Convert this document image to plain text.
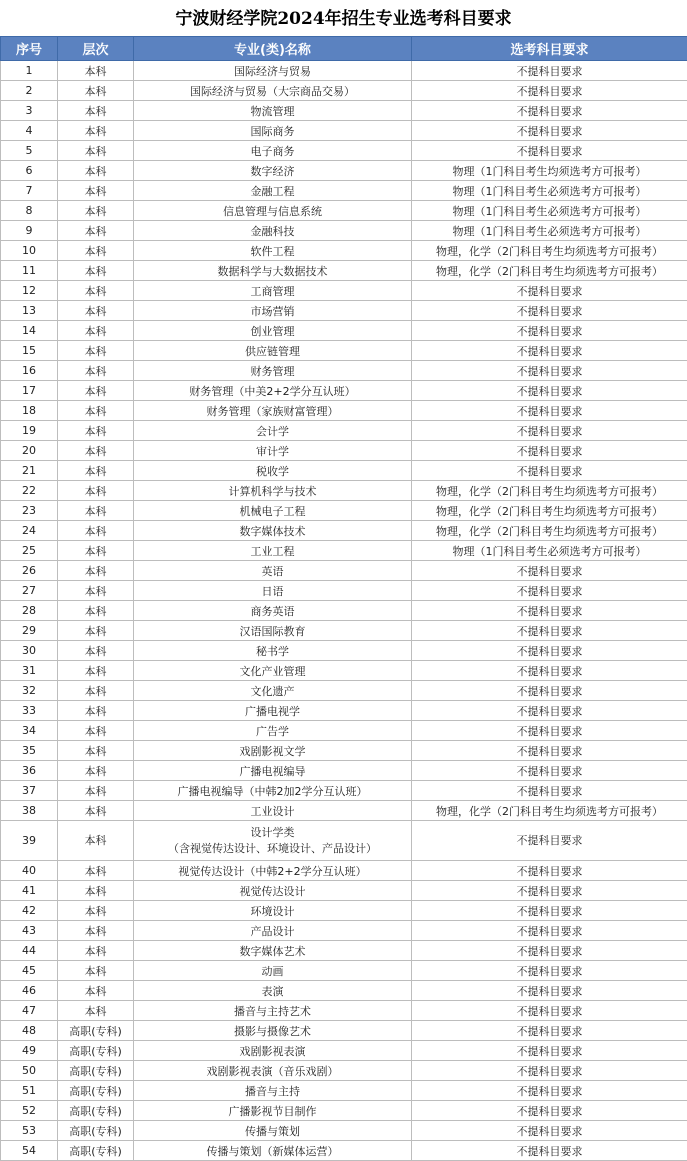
宁波财经学院2024年招生专业选考科目要求
序号	层次	专业(类)名称	选考科目要求
1	本科	国际经济与贸易	不提科目要求
2	本科	国际经济与贸易（大宗商品交易）	不提科目要求
3	本科	物流管理	不提科目要求
4	本科	国际商务	不提科目要求
5	本科	电子商务	不提科目要求
6	本科	数字经济	物理（1门科目考生均须选考方可报考）
7	本科	金融工程	物理（1门科目考生必须选考方可报考）
8	本科	信息管理与信息系统	物理（1门科目考生必须选考方可报考）
9	本科	金融科技	物理（1门科目考生必须选考方可报考）
10	本科	软件工程	物理，化学（2门科目考生均须选考方可报考）
11	本科	数据科学与大数据技术	物理，化学（2门科目考生均须选考方可报考）
12	本科	工商管理	不提科目要求
13	本科	市场营销	不提科目要求
14	本科	创业管理	不提科目要求
15	本科	供应链管理	不提科目要求
16	本科	财务管理	不提科目要求
17	本科	财务管理（中美2+2学分互认班）	不提科目要求
18	本科	财务管理（家族财富管理）	不提科目要求
19	本科	会计学	不提科目要求
20	本科	审计学	不提科目要求
21	本科	税收学	不提科目要求
22	本科	计算机科学与技术	物理，化学（2门科目考生均须选考方可报考）
23	本科	机械电子工程	物理，化学（2门科目考生均须选考方可报考）
24	本科	数字媒体技术	物理，化学（2门科目考生均须选考方可报考）
25	本科	工业工程	物理（1门科目考生必须选考方可报考）
26	本科	英语	不提科目要求
27	本科	日语	不提科目要求
28	本科	商务英语	不提科目要求
29	本科	汉语国际教育	不提科目要求
30	本科	秘书学	不提科目要求
31	本科	文化产业管理	不提科目要求
32	本科	文化遗产	不提科目要求
33	本科	广播电视学	不提科目要求
34	本科	广告学	不提科目要求
35	本科	戏剧影视文学	不提科目要求
36	本科	广播电视编导	不提科目要求
37	本科	广播电视编导（中韩2加2学分互认班）	不提科目要求
38	本科	工业设计	物理，化学（2门科目考生均须选考方可报考）
39	本科	设计学类
（含视觉传达设计、环境设计、产品设计）	不提科目要求
40	本科	视觉传达设计（中韩2+2学分互认班）	不提科目要求
41	本科	视觉传达设计	不提科目要求
42	本科	环境设计	不提科目要求
43	本科	产品设计	不提科目要求
44	本科	数字媒体艺术	不提科目要求
45	本科	动画	不提科目要求
46	本科	表演	不提科目要求
47	本科	播音与主持艺术	不提科目要求
48	高职(专科)	摄影与摄像艺术	不提科目要求
49	高职(专科)	戏剧影视表演	不提科目要求
50	高职(专科)	戏剧影视表演（音乐戏剧）	不提科目要求
51	高职(专科)	播音与主持	不提科目要求
52	高职(专科)	广播影视节目制作	不提科目要求
53	高职(专科)	传播与策划	不提科目要求
54	高职(专科)	传播与策划（新媒体运营）	不提科目要求
